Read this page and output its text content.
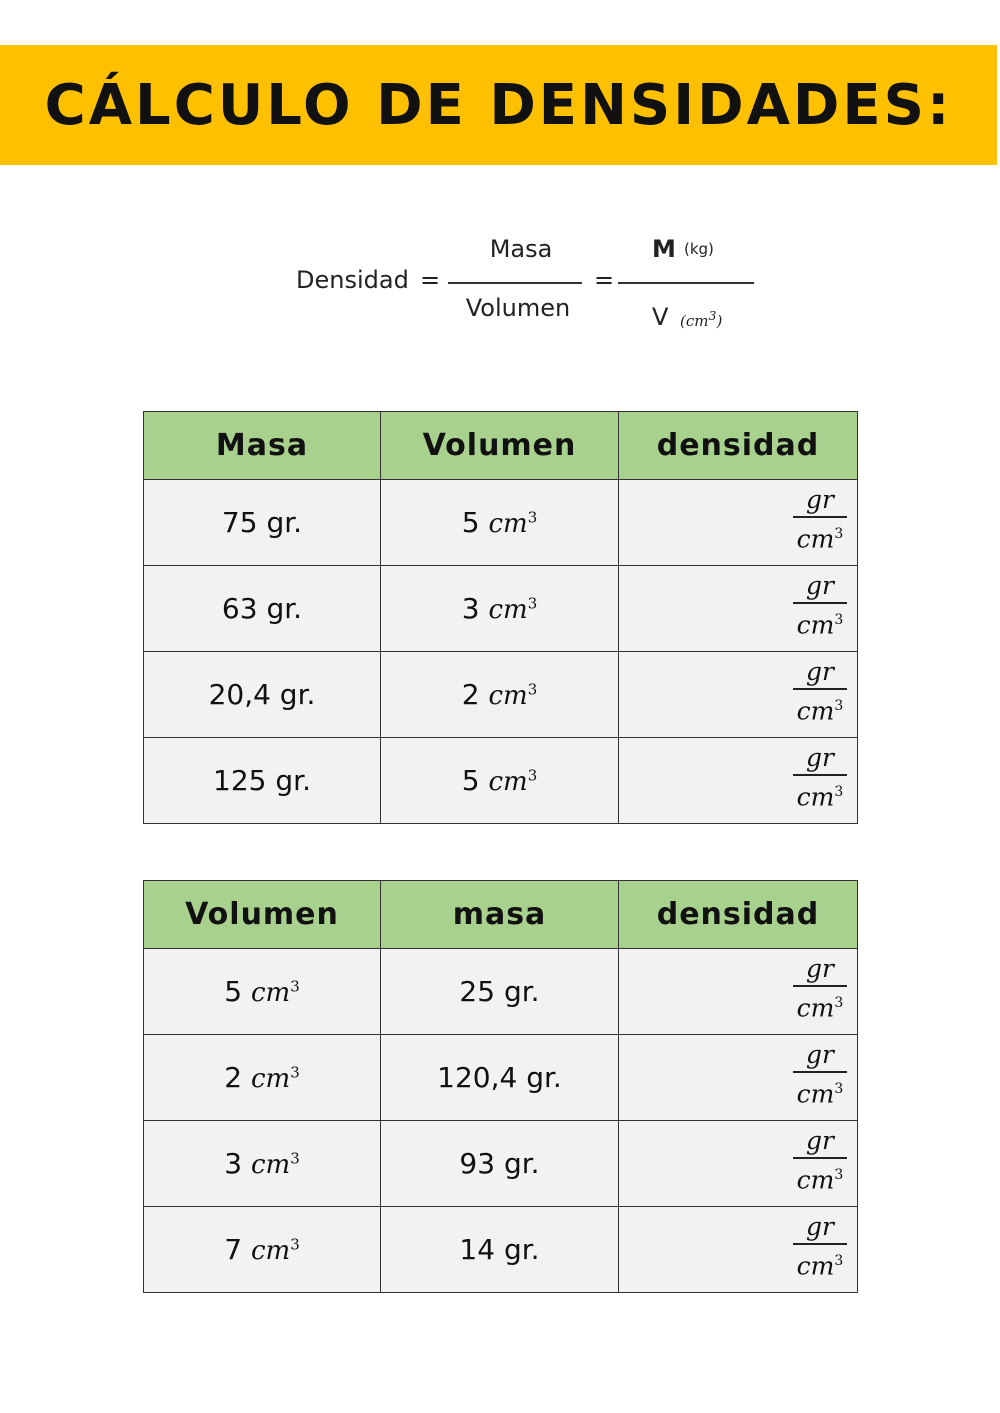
CÁLCULO DE DENSIDADES:
Densidad =
Masa
Volumen
=
M (kg)
V $(cm^3)$
Masa	Volumen	densidad
75 gr.	5 $cm^3$	$\frac{gr}{cm^3}$

63 gr.	3 $cm^3$	$\frac{gr}{cm^3}$

20,4 gr.	2 $cm^3$	$\frac{gr}{cm^3}$

125 gr.	5 $cm^3$	$\frac{gr}{cm^3}$
Volumen	masa	densidad
5 $cm^3$	25 gr.	$\frac{gr}{cm^3}$

2 $cm^3$	120,4 gr.	$\frac{gr}{cm^3}$

3 $cm^3$	93 gr.	$\frac{gr}{cm^3}$

7 $cm^3$	14 gr.	$\frac{gr}{cm^3}$
